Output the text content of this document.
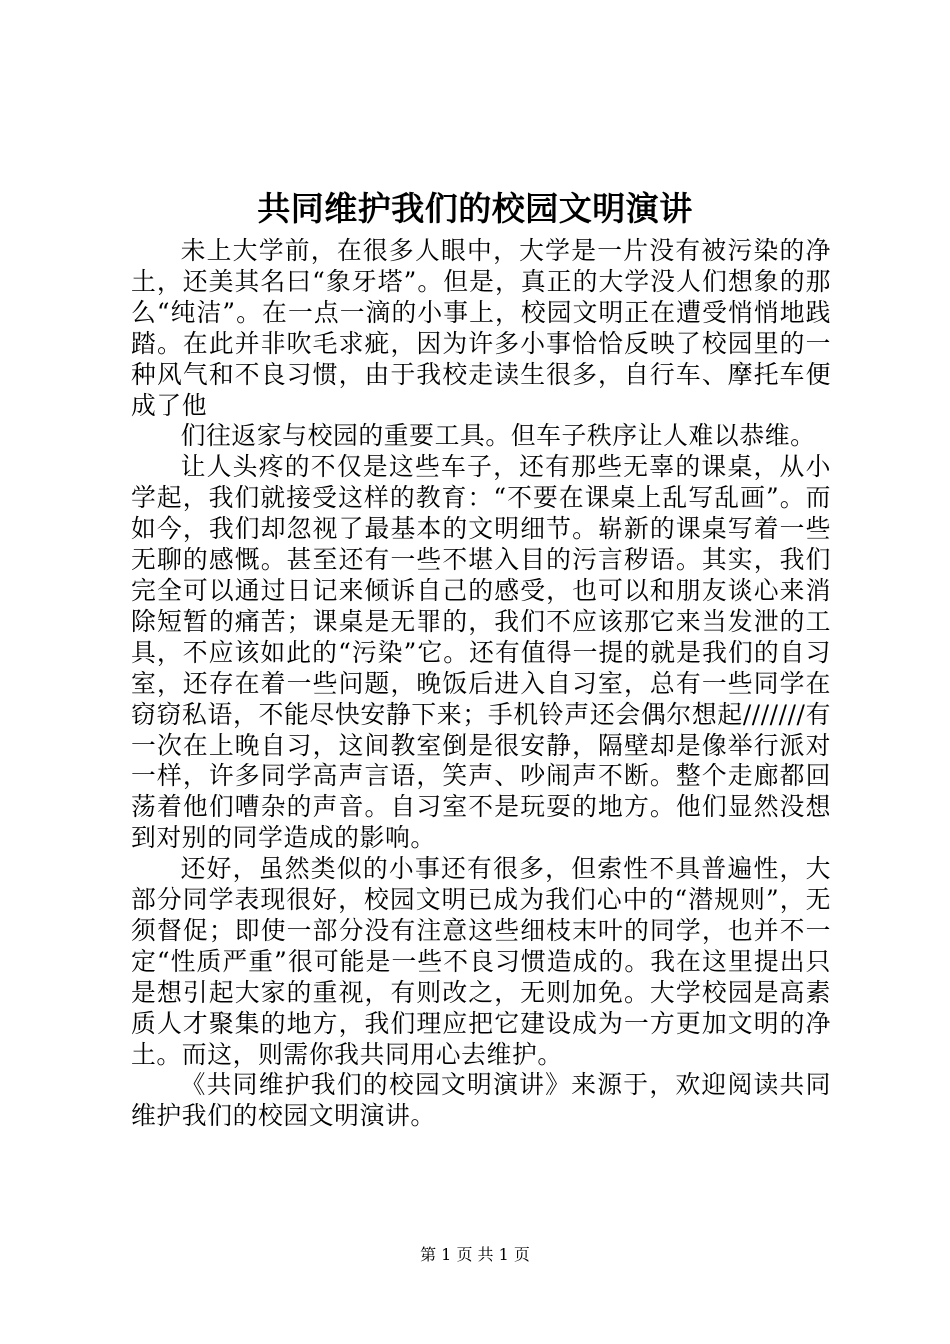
共同维护我们的校园文明演讲

未上大学前，在很多人眼中，大学是一片没有被污染的净土，还美其名曰“象牙塔”。但是，真正的大学没人们想象的那么“纯洁”。在一点一滴的小事上，校园文明正在遭受悄悄地践踏。在此并非吹毛求疵，因为许多小事恰恰反映了校园里的一种风气和不良习惯，由于我校走读生很多，自行车、摩托车便成了他

们往返家与校园的重要工具。但车子秩序让人难以恭维。

让人头疼的不仅是这些车子，还有那些无辜的课桌，从小学起，我们就接受这样的教育：“不要在课桌上乱写乱画”。而如今，我们却忽视了最基本的文明细节。崭新的课桌写着一些无聊的感慨。甚至还有一些不堪入目的污言秽语。其实，我们完全可以通过日记来倾诉自己的感受，也可以和朋友谈心来消除短暂的痛苦；课桌是无罪的，我们不应该那它来当发泄的工具，不应该如此的“污染”它。还有值得一提的就是我们的自习室，还存在着一些问题，晚饭后进入自习室，总有一些同学在窃窃私语，不能尽快安静下来；手机铃声还会偶尔想起///////有一次在上晚自习，这间教室倒是很安静，隔壁却是像举行派对一样，许多同学高声言语，笑声、吵闹声不断。整个走廊都回荡着他们嘈杂的声音。自习室不是玩耍的地方。他们显然没想到对别的同学造成的影响。

还好，虽然类似的小事还有很多，但索性不具普遍性，大部分同学表现很好，校园文明已成为我们心中的“潜规则”，无须督促；即使一部分没有注意这些细枝末叶的同学，也并不一定“性质严重”很可能是一些不良习惯造成的。我在这里提出只是想引起大家的重视，有则改之，无则加免。大学校园是高素质人才聚集的地方，我们理应把它建设成为一方更加文明的净土。而这，则需你我共同用心去维护。

《共同维护我们的校园文明演讲》来源于，欢迎阅读共同维护我们的校园文明演讲。

第 1 页 共 1 页
